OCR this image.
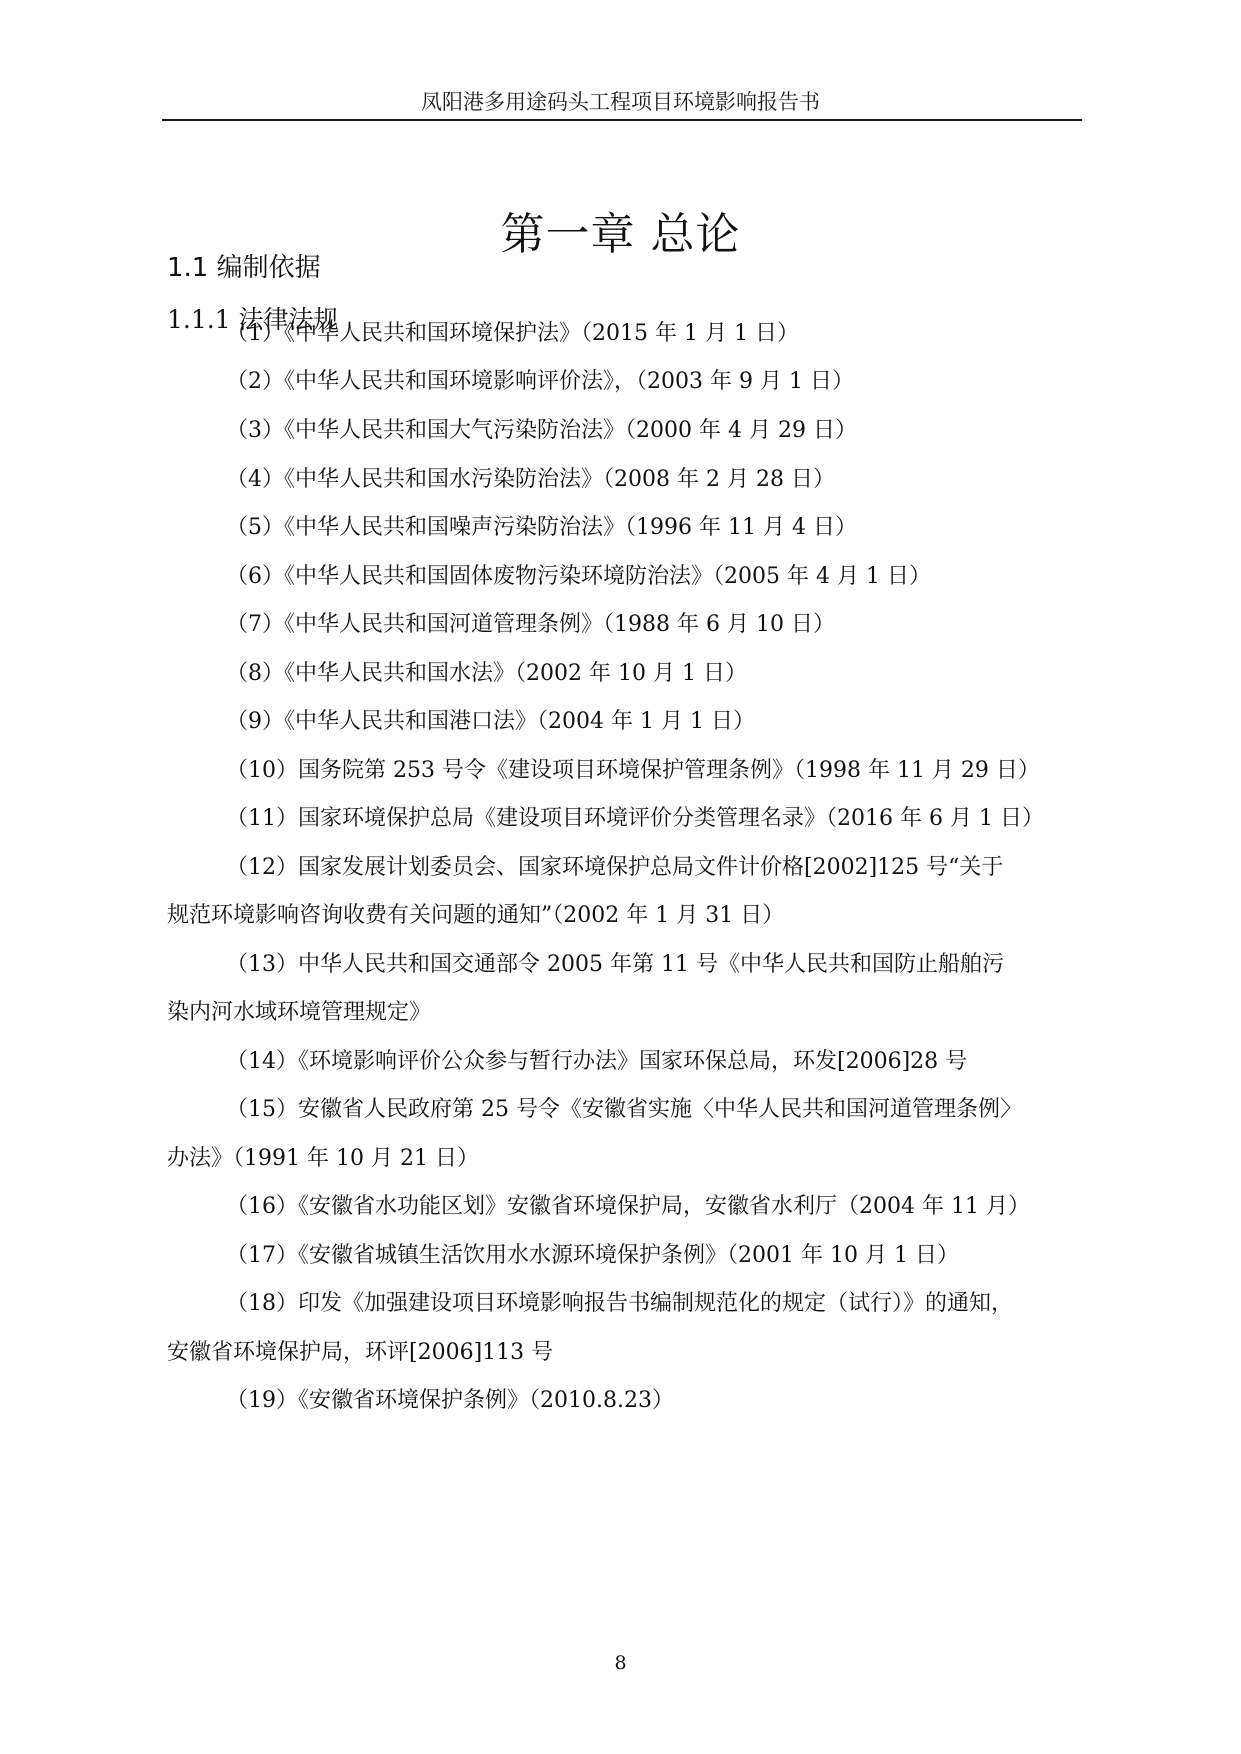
凤阳港多用途码头工程项目环境影响报告书
第一章 总论
1.1 编制依据
1.1.1 法律法规
（1）《中华人民共和国环境保护法》（2015 年 1 月 1 日）
（2）《中华人民共和国环境影响评价法》，（2003 年 9 月 1 日）
（3）《中华人民共和国大气污染防治法》（2000 年 4 月 29 日）
（4）《中华人民共和国水污染防治法》（2008 年 2 月 28 日）
（5）《中华人民共和国噪声污染防治法》（1996 年 11 月 4 日）
（6）《中华人民共和国固体废物污染环境防治法》（2005 年 4 月 1 日）
（7）《中华人民共和国河道管理条例》（1988 年 6 月 10 日）
（8）《中华人民共和国水法》（2002 年 10 月 1 日）
（9）《中华人民共和国港口法》（2004 年 1 月 1 日）
（10）国务院第 253 号令《建设项目环境保护管理条例》（1998 年 11 月 29 日）
（11）国家环境保护总局《建设项目环境评价分类管理名录》（2016 年 6 月 1 日）
（12）国家发展计划委员会、国家环境保护总局文件计价格[2002]125 号“关于
规范环境影响咨询收费有关问题的通知”（2002 年 1 月 31 日）
（13）中华人民共和国交通部令 2005 年第 11 号《中华人民共和国防止船舶污
染内河水域环境管理规定》
（14）《环境影响评价公众参与暂行办法》国家环保总局，环发[2006]28 号
（15）安徽省人民政府第 25 号令《安徽省实施〈中华人民共和国河道管理条例〉
办法》（1991 年 10 月 21 日）
（16）《安徽省水功能区划》安徽省环境保护局，安徽省水利厅（2004 年 11 月）
（17）《安徽省城镇生活饮用水水源环境保护条例》（2001 年 10 月 1 日）
（18）印发《加强建设项目环境影响报告书编制规范化的规定（试行）》的通知，
安徽省环境保护局，环评[2006]113 号
（19）《安徽省环境保护条例》（2010.8.23）
8
